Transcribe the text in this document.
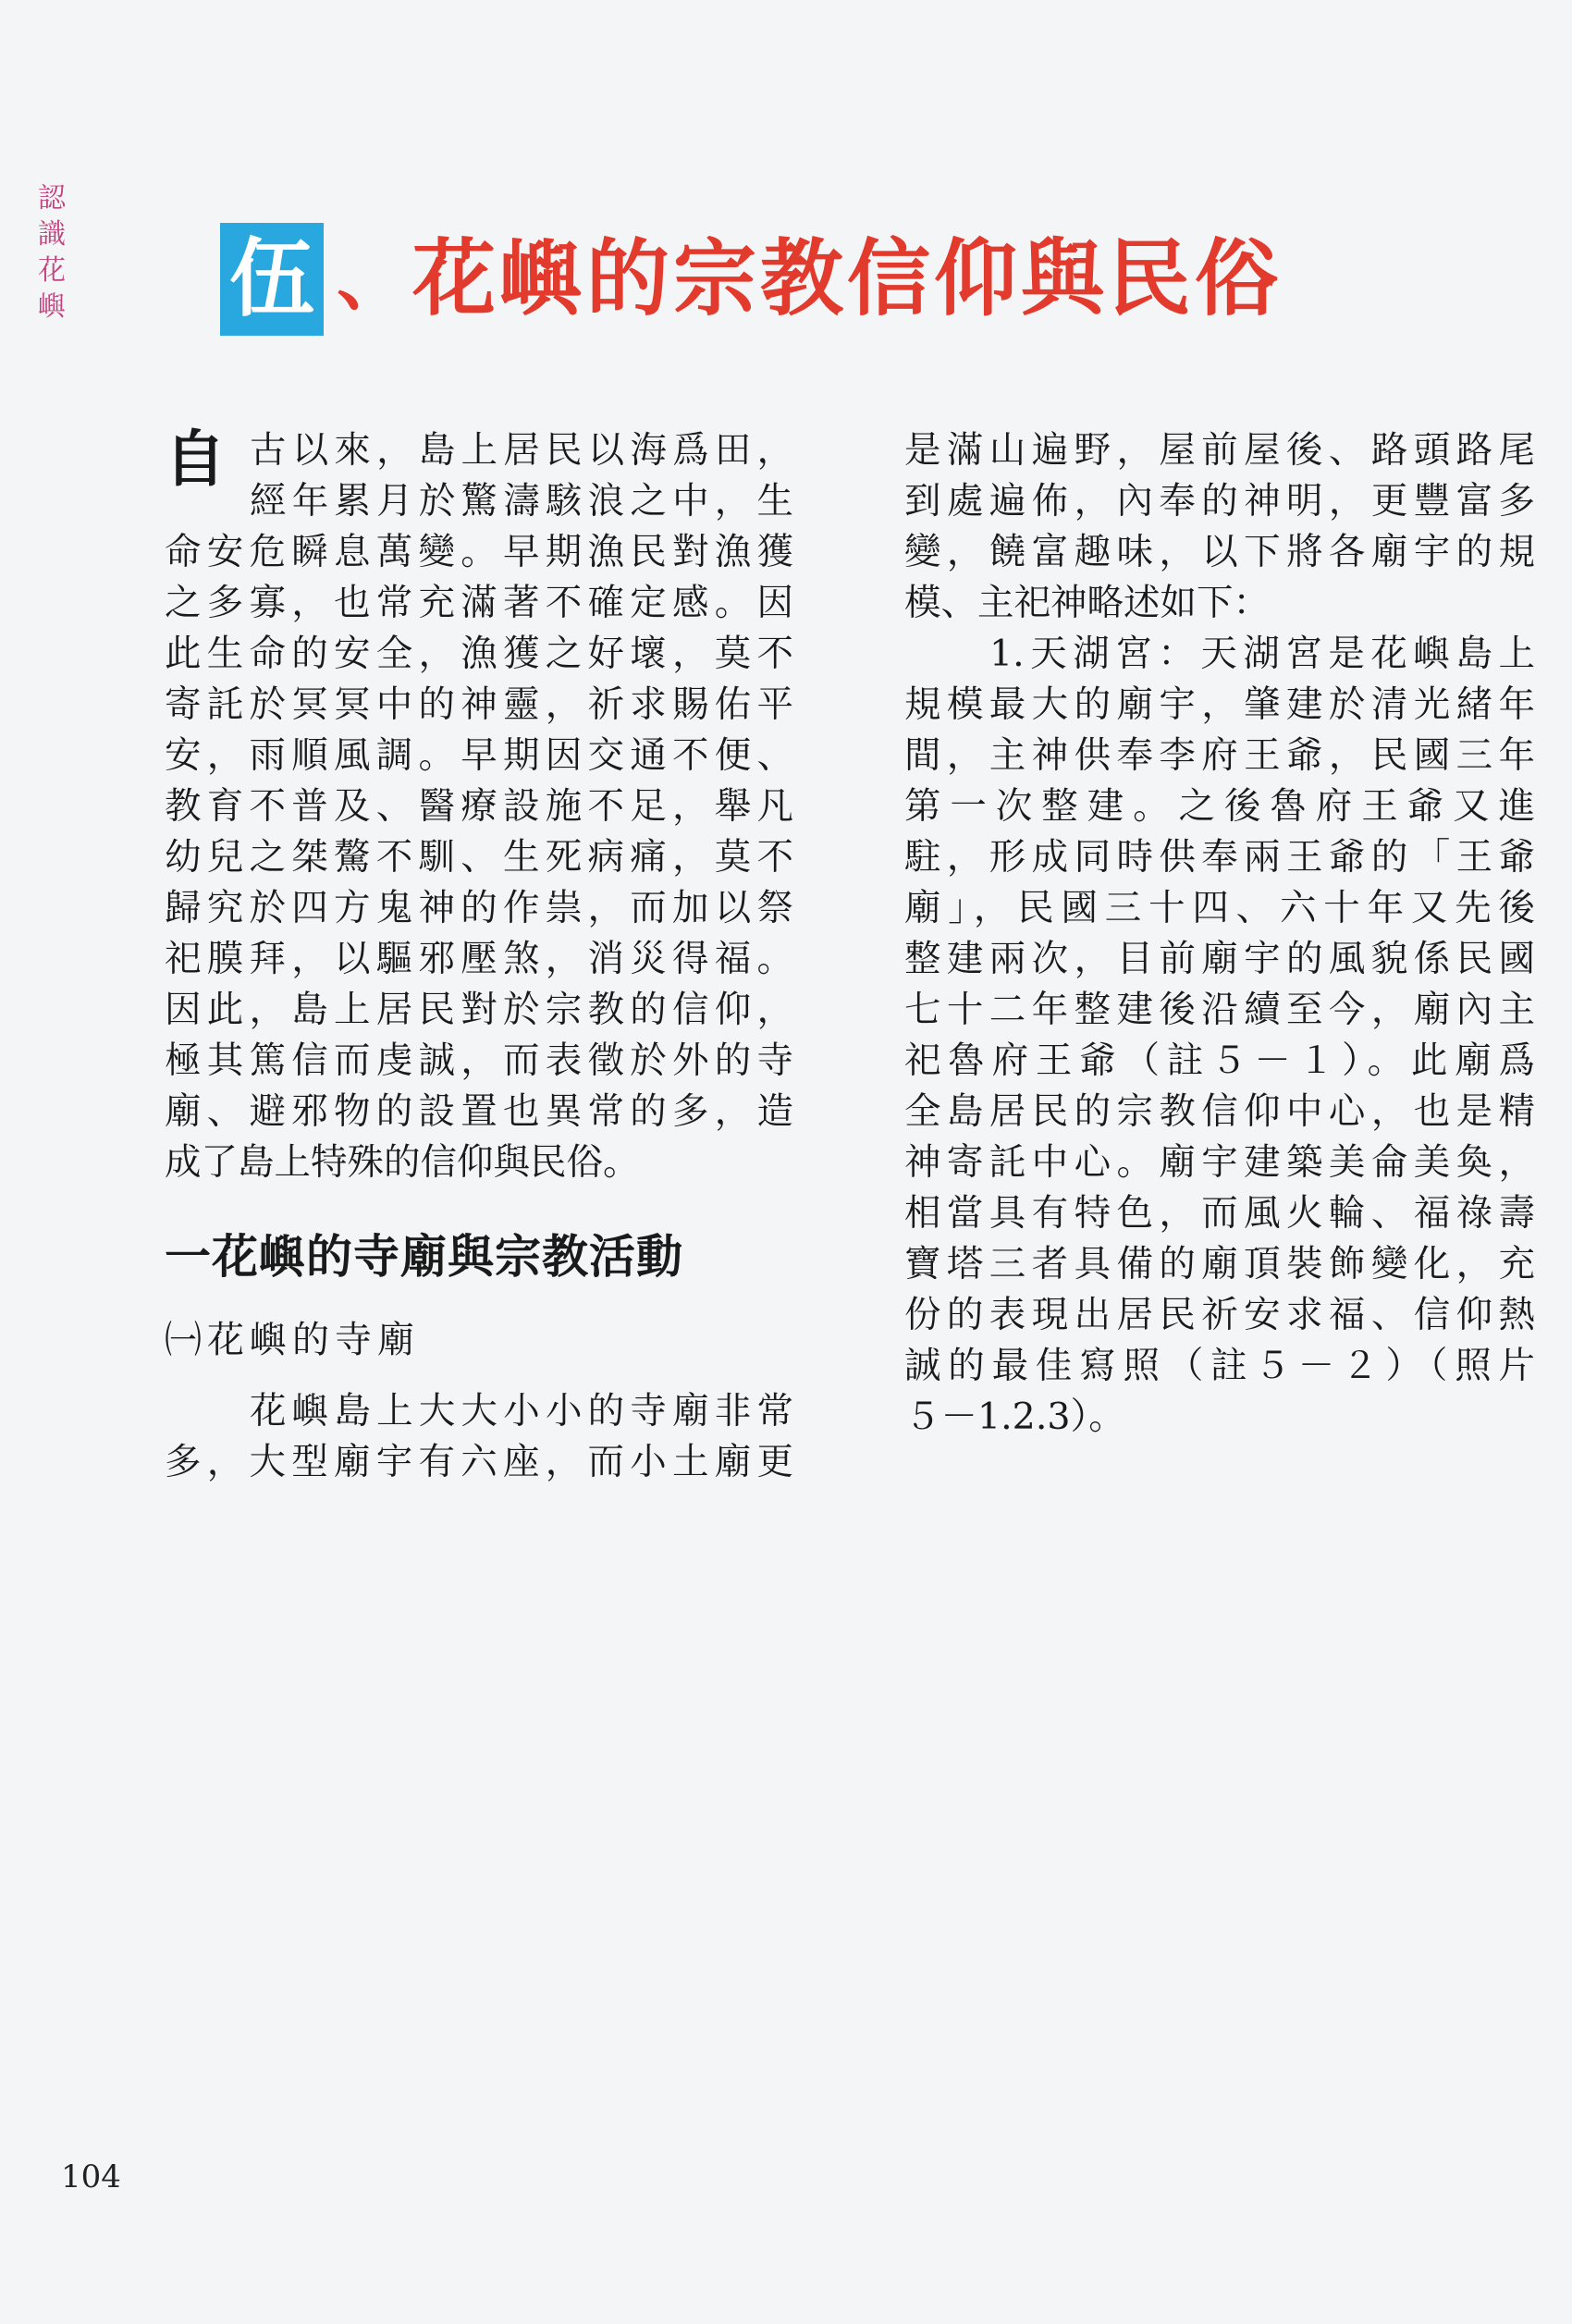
認
識
花
嶼 伍 、 花嶼的宗教信仰與民俗
自 古以來，島上居民以海爲田，
經年累月於驚濤駭浪之中，生
命安危瞬息萬變。早期漁民對漁獲
之多寡，也常充滿著不確定感。因
此生命的安全，漁獲之好壞，莫不
寄託於冥冥中的神靈，祈求賜佑平
安，雨順風調。早期因交通不便、
教育不普及、醫療設施不足，舉凡
幼兒之桀驁不馴、生死病痛，莫不
歸究於四方鬼神的作祟，而加以祭
祀膜拜，以驅邪壓煞，消災得福。
因此，島上居民對於宗教的信仰，
極其篤信而虔誠，而表徵於外的寺
廟、避邪物的設置也異常的多，造
成了島上特殊的信仰與民俗。
一花嶼的寺廟與宗教活動
㈠花嶼的寺廟
花嶼島上大大小小的寺廟非常
多，大型廟宇有六座，而小土廟更
是滿山遍野，屋前屋後、路頭路尾
到處遍佈，內奉的神明，更豐富多
變，饒富趣味，以下將各廟宇的規
模、主祀神略述如下：
1.天湖宮：天湖宮是花嶼島上
規模最大的廟宇，肇建於清光緒年
間，主神供奉李府王爺，民國三年
第一次整建。之後魯府王爺又進
駐，形成同時供奉兩王爺的「王爺
廟」，民國三十四、六十年又先後
整建兩次，目前廟宇的風貌係民國
七十二年整建後沿續至今，廟內主
祀魯府王爺（註５－１）。此廟爲
全島居民的宗教信仰中心，也是精
神寄託中心。廟宇建築美侖美奐，
相當具有特色，而風火輪、福祿壽
寶塔三者具備的廟頂裝飾變化，充
份的表現出居民祈安求福、信仰熱
誠的最佳寫照（註５－２）（照片
５－1.2.3）。
104
